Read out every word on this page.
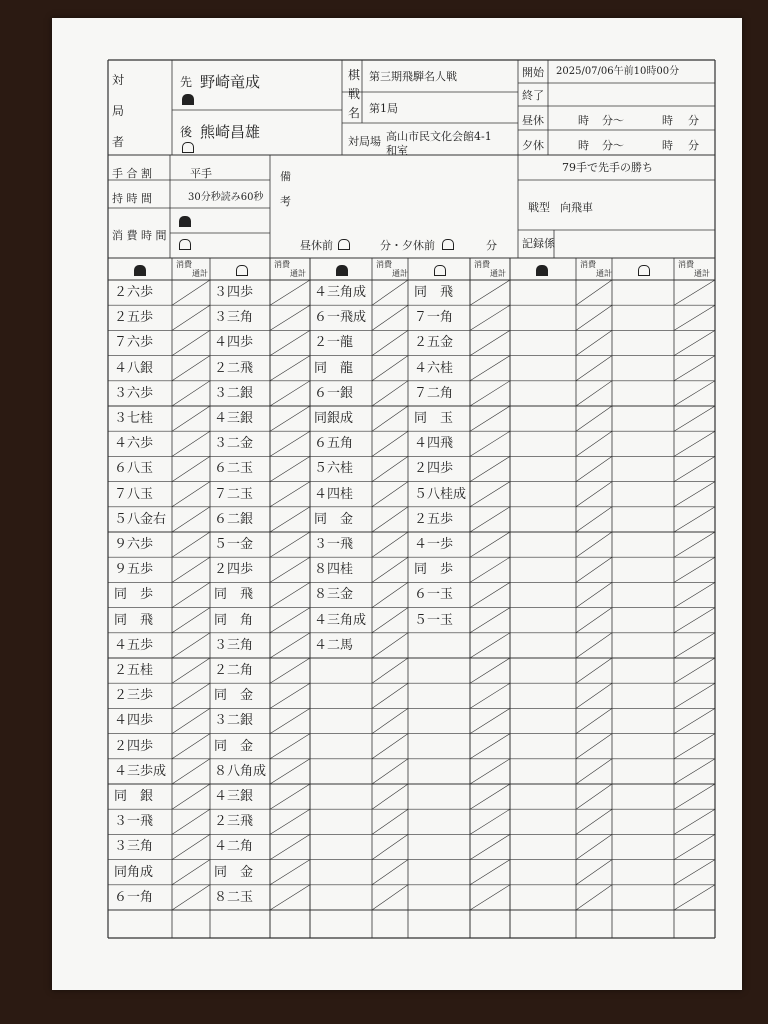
対
局
者
先 野崎竜成
後 熊崎昌雄
棋
戦
名
第三期飛騨名人戦
第1局
対局場 高山市民文化会館4-1
和室
開始 2025/07/06午前10時00分
終了
昼休	時 分〜	時 分
夕休	時 分〜	時 分
手 合 割	平手
持 時 間	30分秒読み60秒
消 費 時 間
備
考
昼休前	分・夕休前	分
79手で先手の勝ち
戦型 向飛車
記録係
消費
通計
消費
通計
消費
通計
消費
通計
消費
通計
消費
通計
２六歩	３四歩	４三角成	同　飛
２五歩	３三角	６一飛成	７一角
７六歩	４四歩	２一龍	２五金
４八銀	２二飛	同　龍	４六桂
３六歩	３二銀	６一銀	７二角
３七桂	４三銀	同銀成	同　玉
４六歩	３二金	６五角	４四飛
６八玉	６二玉	５六桂	２四歩
７八玉	７二玉	４四桂	５八桂成
５八金右	６二銀	同　金	２五歩
９六歩	５一金	３一飛	４一歩
９五歩	２四歩	８四桂	同　歩
同　歩	同　飛	８三金	６一玉
同　飛	同　角	４三角成	５一玉
４五歩	３三角	４二馬
２五桂	２二角
２三歩	同　金
４四歩	３二銀
２四歩	同　金
４三歩成	８八角成
同　銀	４三銀
３一飛	２三飛
３三角	４二角
同角成	同　金
６一角	８二玉
